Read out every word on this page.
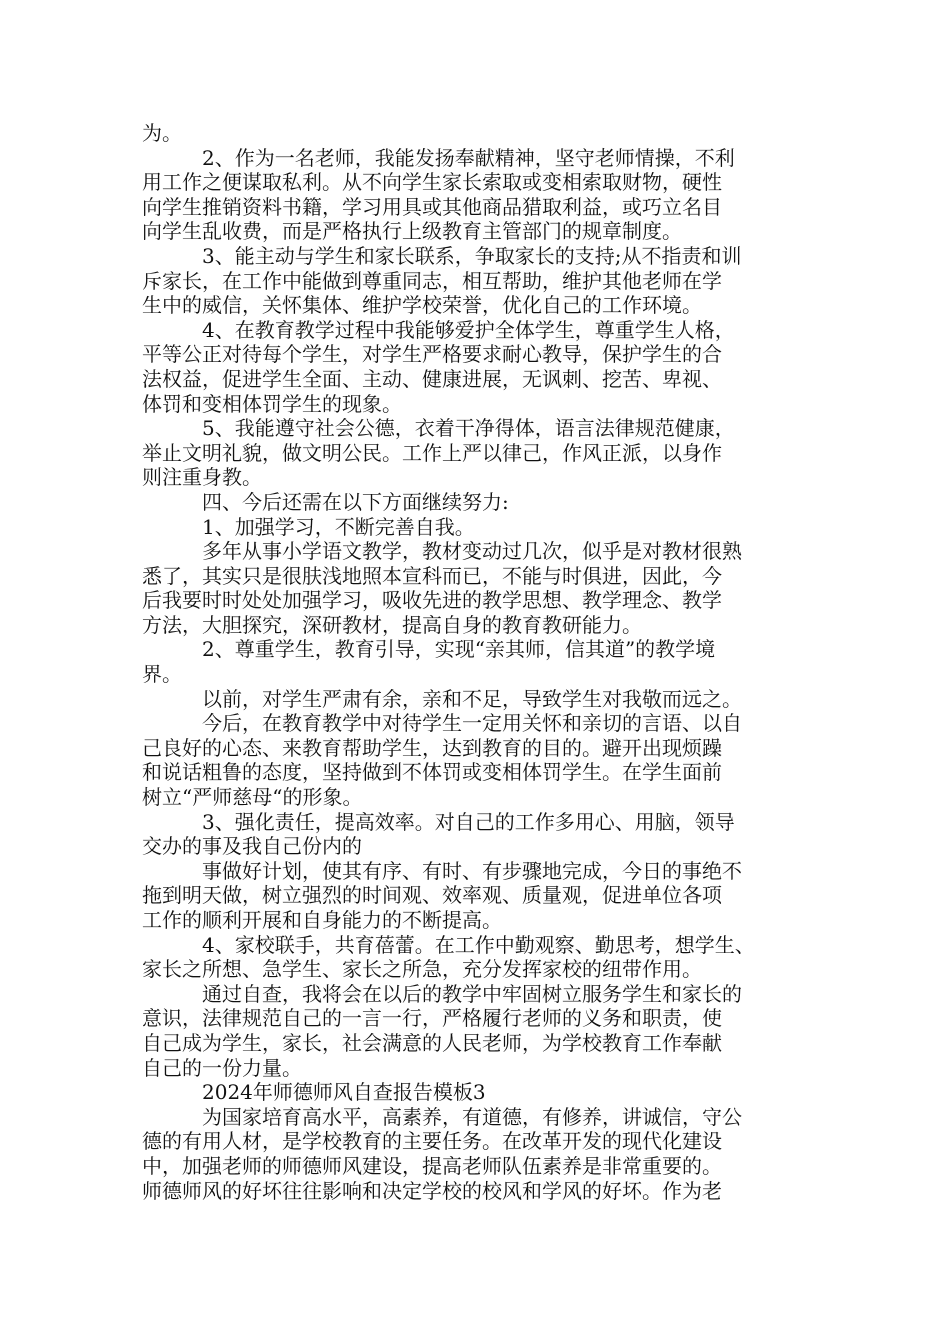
为。
2、作为一名老师，我能发扬奉献精神，坚守老师情操，不利
用工作之便谋取私利。从不向学生家长索取或变相索取财物，硬性
向学生推销资料书籍，学习用具或其他商品猎取利益，或巧立名目
向学生乱收费，而是严格执行上级教育主管部门的规章制度。
3、能主动与学生和家长联系，争取家长的支持;从不指责和训
斥家长，在工作中能做到尊重同志，相互帮助，维护其他老师在学
生中的威信，关怀集体、维护学校荣誉，优化自己的工作环境。
4、在教育教学过程中我能够爱护全体学生，尊重学生人格，
平等公正对待每个学生，对学生严格要求耐心教导，保护学生的合
法权益，促进学生全面、主动、健康进展，无讽刺、挖苦、卑视、
体罚和变相体罚学生的现象。
5、我能遵守社会公德，衣着干净得体，语言法律规范健康，
举止文明礼貌，做文明公民。工作上严以律己，作风正派，以身作
则注重身教。
四、今后还需在以下方面继续努力:
1、加强学习，不断完善自我。
多年从事小学语文教学，教材变动过几次，似乎是对教材很熟
悉了，其实只是很肤浅地照本宣科而已，不能与时俱进，因此，今
后我要时时处处加强学习，吸收先进的教学思想、教学理念、教学
方法，大胆探究，深研教材，提高自身的教育教研能力。
2、尊重学生，教育引导，实现“亲其师，信其道”的教学境
界。
以前，对学生严肃有余，亲和不足，导致学生对我敬而远之。
今后，在教育教学中对待学生一定用关怀和亲切的言语、以自
己良好的心态、来教育帮助学生，达到教育的目的。避开出现烦躁
和说话粗鲁的态度，坚持做到不体罚或变相体罚学生。在学生面前
树立“严师慈母“的形象。
3、强化责任，提高效率。对自己的工作多用心、用脑，领导
交办的事及我自己份内的
事做好计划，使其有序、有时、有步骤地完成，今日的事绝不
拖到明天做，树立强烈的时间观、效率观、质量观，促进单位各项
工作的顺利开展和自身能力的不断提高。
4、家校联手，共育蓓蕾。在工作中勤观察、勤思考，想学生、
家长之所想、急学生、家长之所急，充分发挥家校的纽带作用。
通过自查，我将会在以后的教学中牢固树立服务学生和家长的
意识，法律规范自己的一言一行，严格履行老师的义务和职责，使
自己成为学生，家长，社会满意的人民老师，为学校教育工作奉献
自己的一份力量。
2024年师德师风自查报告模板3
为国家培育高水平，高素养，有道德，有修养，讲诚信，守公
德的有用人材，是学校教育的主要任务。在改革开发的现代化建设
中，加强老师的师德师风建设，提高老师队伍素养是非常重要的。
师德师风的好坏往往影响和决定学校的校风和学风的好坏。作为老
